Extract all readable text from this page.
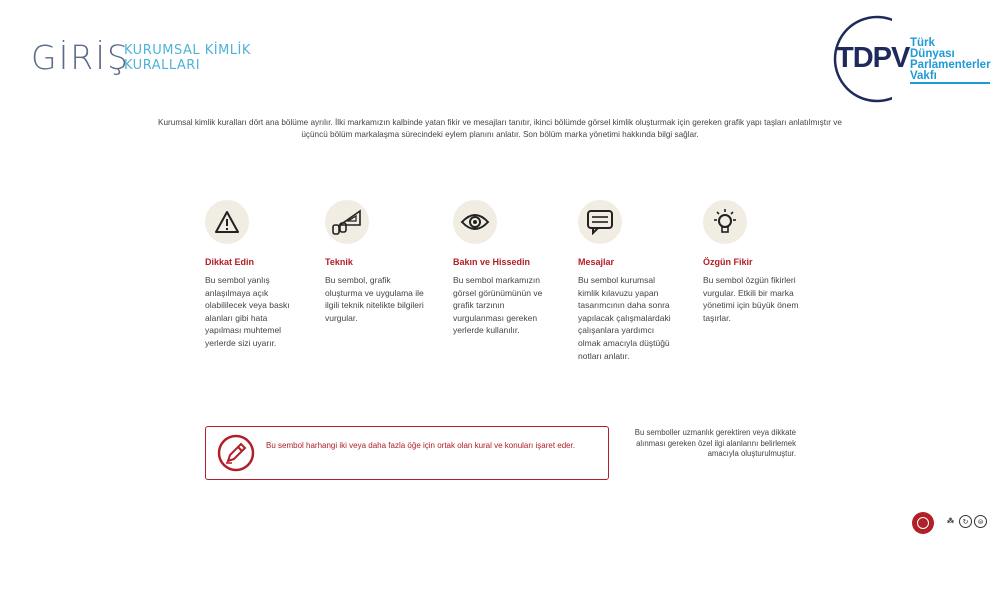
GİRİŞ
KURUMSAL KİMLİK
KURALLARI	TDPV Türk
Dünyası
Parlamenterler
Vakfı
Kurumsal kimlik kuralları dört ana bölüme ayrılır. İlki markamızın kalbinde yatan fikir ve mesajları tanıtır, ikinci bölümde görsel kimlik oluşturmak için gereken grafik yapı taşları anlatılmıştır ve üçüncü bölüm markalaşma sürecindeki eylem planını anlatır. Son bölüm marka yönetimi hakkında bilgi sağlar.
Dikkat Edin

Bu sembol yanlış anlaşılmaya açık olabililecek veya baskı alanları gibi hata yapılması muhtemel yerlerde sizi uyarır.

Teknik

Bu sembol, grafik oluşturma ve uygulama ile ilgili teknik nitelikte bilgileri vurgular.

Bakın ve Hissedin

Bu sembol markamızın görsel görünümünün ve grafik tarzının vurgulanması gereken yerlerde kullanılır.

Mesajlar

Bu sembol kurumsal kimlik kılavuzu yapan tasarımcının daha sonra yapılacak çalışmalardaki çalışanlara yardımcı olmak amacıyla düştüğü notları anlatır.

Özgün Fikir

Bu sembol özgün fikirleri vurgular. Etkili bir marka yönetimi için büyük önem taşırlar.

Bu sembol harhangi iki veya daha fazla öğe için ortak olan kural ve konuları işaret eder.
Bu semboller uzmanlık gerektiren veya dikkate alınması gereken özel ilgi alanlarını belirlemek amacıyla oluşturulmuştur.
⁂	↻	⊜
